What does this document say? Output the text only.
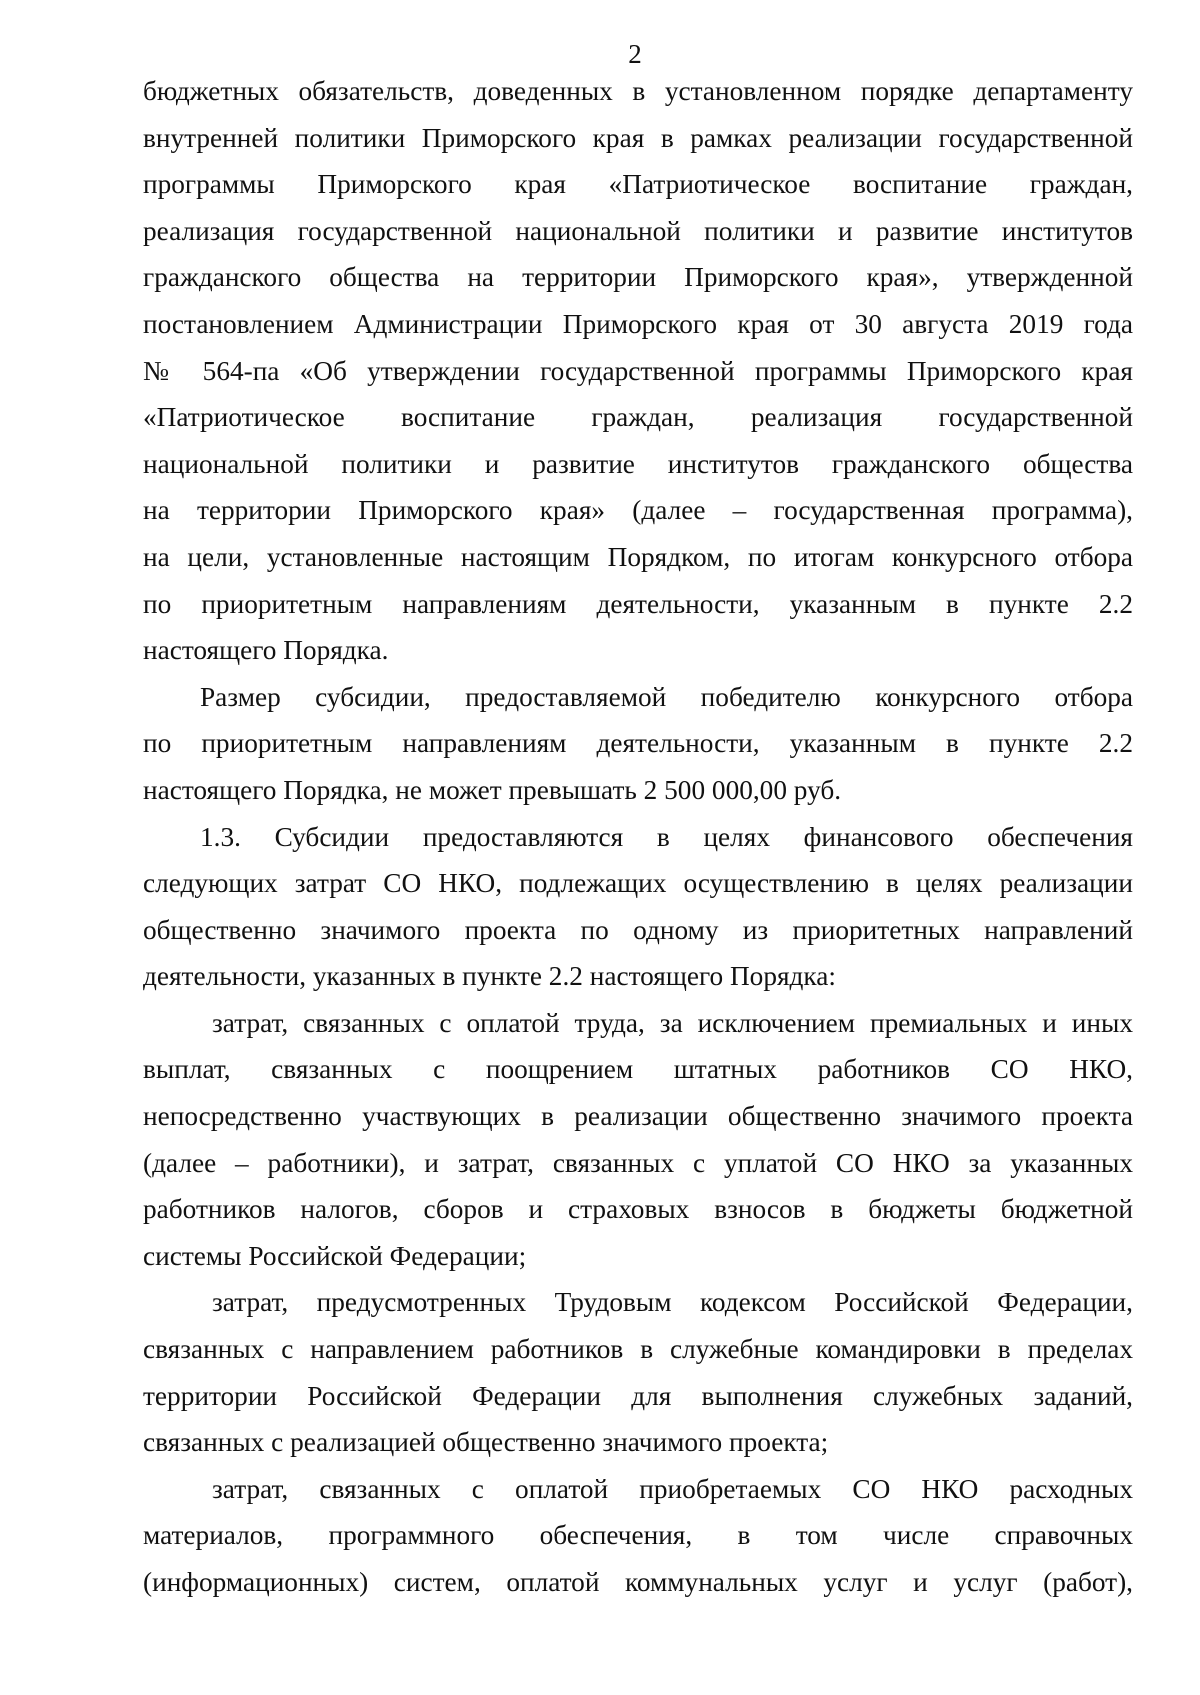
2

бюджетных обязательств, доведенных в установленном порядке департаменту
внутренней политики Приморского края в рамках реализации государственной
программы Приморского края «Патриотическое воспитание граждан,
реализация государственной национальной политики и развитие институтов
гражданского общества на территории Приморского края», утвержденной
постановлением Администрации Приморского края от 30 августа 2019 года
№ 564-па «Об утверждении государственной программы Приморского края
«Патриотическое воспитание граждан, реализация государственной
национальной политики и развитие институтов гражданского общества
на территории Приморского края» (далее – государственная программа),
на цели, установленные настоящим Порядком, по итогам конкурсного отбора
по приоритетным направлениям деятельности, указанным в пункте 2.2
настоящего Порядка.

Размер субсидии, предоставляемой победителю конкурсного отбора
по приоритетным направлениям деятельности, указанным в пункте 2.2
настоящего Порядка, не может превышать 2 500 000,00 руб.

1.3. Субсидии предоставляются в целях финансового обеспечения
следующих затрат СО НКО, подлежащих осуществлению в целях реализации
общественно значимого проекта по одному из приоритетных направлений
деятельности, указанных в пункте 2.2 настоящего Порядка:

затрат, связанных с оплатой труда, за исключением премиальных и иных
выплат, связанных с поощрением штатных работников СО НКО,
непосредственно участвующих в реализации общественно значимого проекта
(далее – работники), и затрат, связанных с уплатой СО НКО за указанных
работников налогов, сборов и страховых взносов в бюджеты бюджетной
системы Российской Федерации;

затрат, предусмотренных Трудовым кодексом Российской Федерации,
связанных с направлением работников в служебные командировки в пределах
территории Российской Федерации для выполнения служебных заданий,
связанных с реализацией общественно значимого проекта;

затрат, связанных с оплатой приобретаемых СО НКО расходных
материалов, программного обеспечения, в том числе справочных
(информационных) систем, оплатой коммунальных услуг и услуг (работ),
